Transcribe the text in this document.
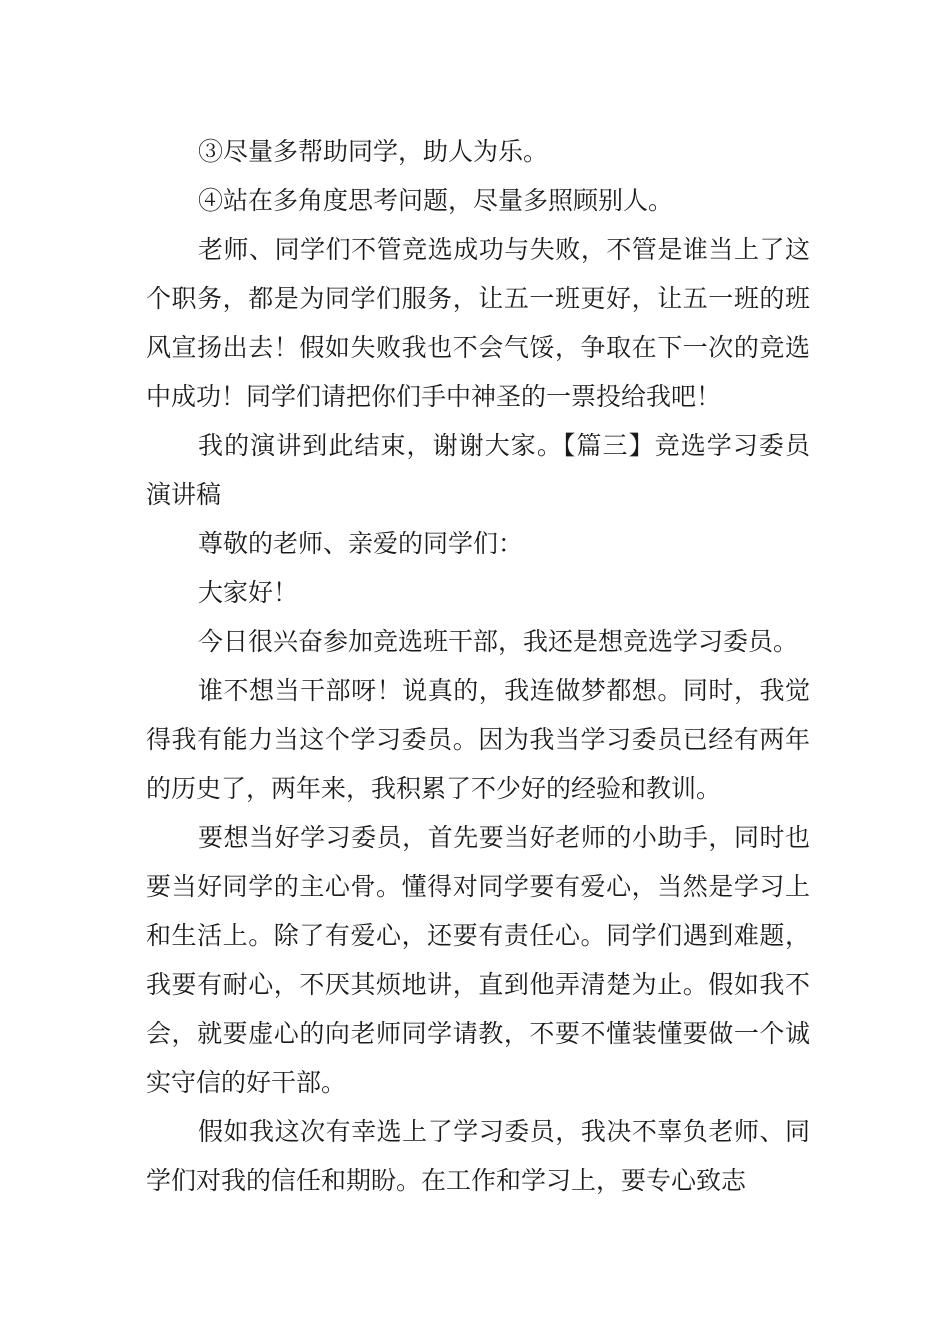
③尽量多帮助同学，助人为乐。

④站在多角度思考问题，尽量多照顾别人。

老师、同学们不管竞选成功与失败，不管是谁当上了这个职务，都是为同学们服务，让五一班更好，让五一班的班风宣扬出去！假如失败我也不会气馁，争取在下一次的竞选中成功！同学们请把你们手中神圣的一票投给我吧！

我的演讲到此结束，谢谢大家。【篇三】竞选学习委员演讲稿

尊敬的老师、亲爱的同学们：

大家好！

今日很兴奋参加竞选班干部，我还是想竞选学习委员。

谁不想当干部呀！说真的，我连做梦都想。同时，我觉得我有能力当这个学习委员。因为我当学习委员已经有两年的历史了，两年来，我积累了不少好的经验和教训。

要想当好学习委员，首先要当好老师的小助手，同时也要当好同学的主心骨。懂得对同学要有爱心，当然是学习上和生活上。除了有爱心，还要有责任心。同学们遇到难题，我要有耐心，不厌其烦地讲，直到他弄清楚为止。假如我不会，就要虚心的向老师同学请教，不要不懂装懂要做一个诚实守信的好干部。

假如我这次有幸选上了学习委员，我决不辜负老师、同学们对我的信任和期盼。在工作和学习上，要专心致志
